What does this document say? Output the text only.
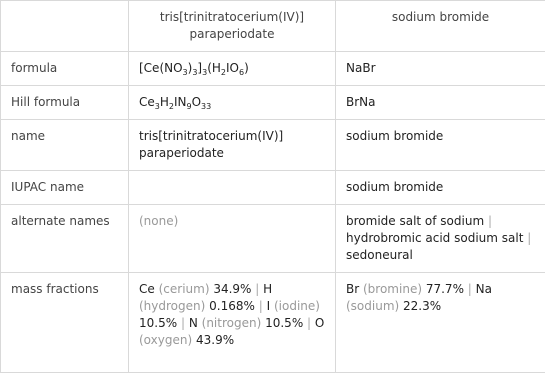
	tris[trinitratocerium(IV)] paraperiodate	sodium bromide
formula	$[Ce(NO_3)_3]_3(H_2IO_6)$	NaBr
Hill formula	$Ce_3H_2IN_9O_{33}$	BrNa
name	tris[trinitratocerium(IV)] paraperiodate	sodium bromide
IUPAC name		sodium bromide
alternate names	(none)	bromide salt of sodium | hydrobromic acid sodium salt | sedoneural
mass fractions	Ce (cerium) 34.9% | H (hydrogen) 0.168% | I (iodine) 10.5% | N (nitrogen) 10.5% | O (oxygen) 43.9%	Br (bromine) 77.7% | Na (sodium) 22.3%
